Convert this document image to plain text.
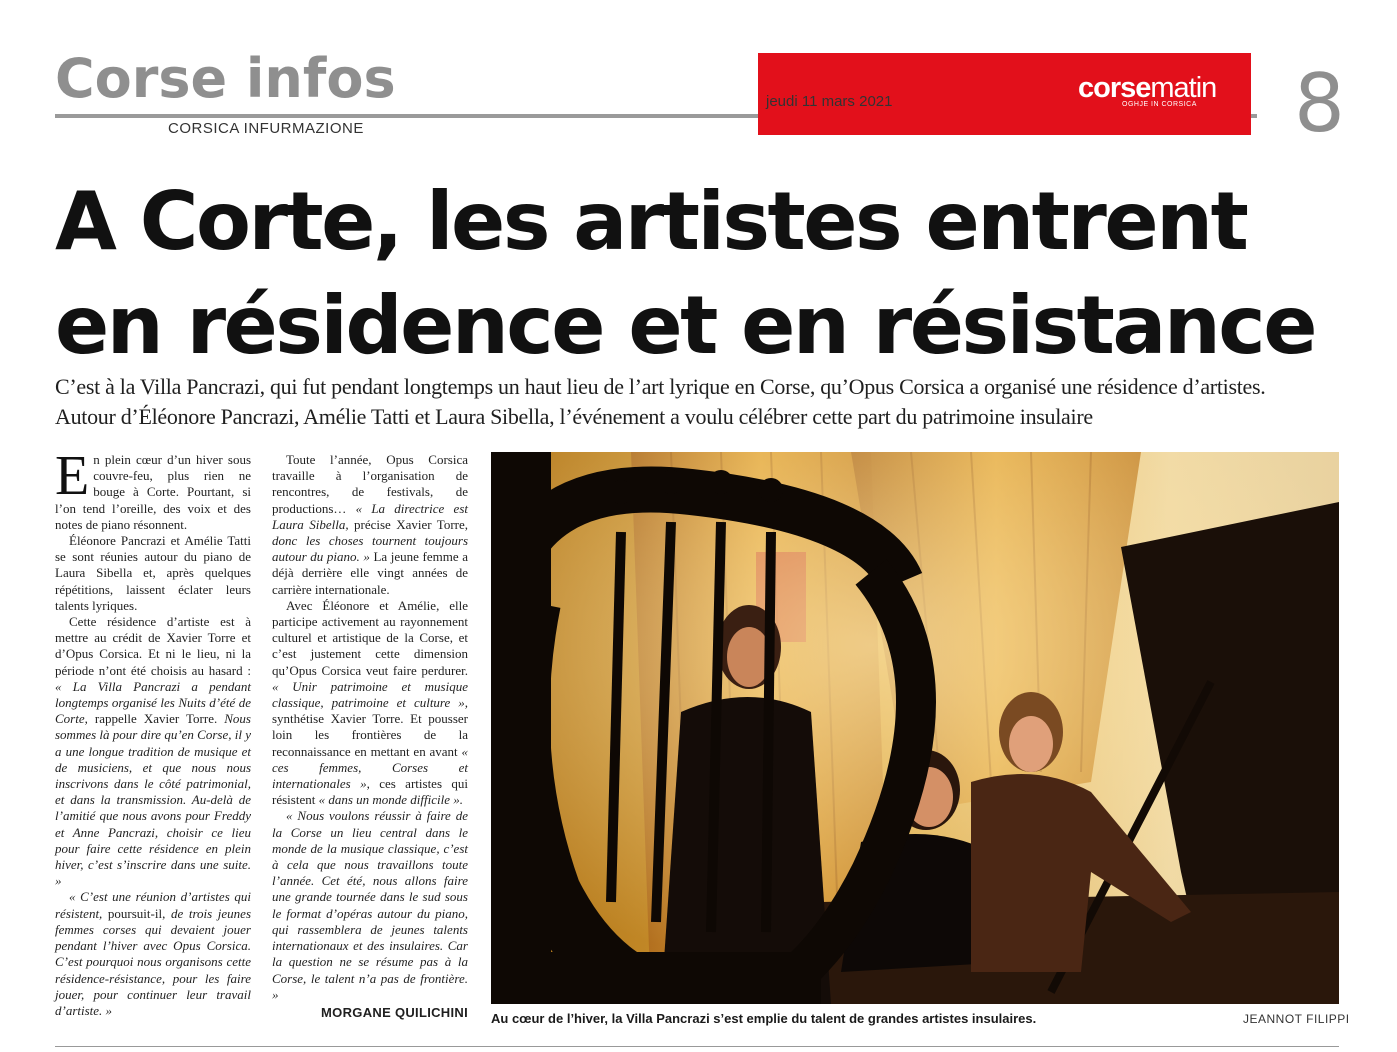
Corse infos
CORSICA INFURMAZIONE
jeudi 11 mars 2021	corsematin
OGHJE IN CORSICA 8
A Corte, les artistes entrent
en résidence et en résistance
C’est à la Villa Pancrazi, qui fut pendant longtemps un haut lieu de l’art lyrique en Corse, qu’Opus Corsica a organisé une résidence d’artistes.
Autour d’Éléonore Pancrazi, Amélie Tatti et Laura Sibella, l’événement a voulu célébrer cette part du patrimoine insulaire

En plein cœur d’un hiver sous couvre-feu, plus rien ne bouge à Corte. Pourtant, si l’on tend l’oreille, des voix et des notes de piano résonnent.

Éléonore Pancrazi et Amélie Tatti se sont réunies autour du piano de Laura Sibella et, après quelques répétitions, laissent éclater leurs talents lyriques.

Cette résidence d’artiste est à mettre au crédit de Xavier Torre et d’Opus Corsica. Et ni le lieu, ni la période n’ont été choisis au hasard : « La Villa Pancrazi a pendant longtemps organisé les Nuits d’été de Corte, rappelle Xavier Torre. Nous sommes là pour dire qu’en Corse, il y a une longue tradition de musique et de musiciens, et que nous nous inscrivons dans le côté patrimonial, et dans la transmission. Au-delà de l’amitié que nous avons pour Freddy et Anne Pancrazi, choisir ce lieu pour faire cette résidence en plein hiver, c’est s’inscrire dans une suite. »

« C’est une réunion d’artistes qui résistent, poursuit-il, de trois jeunes femmes corses qui devaient jouer pendant l’hiver avec Opus Corsica. C’est pourquoi nous organisons cette résidence-résistance, pour les faire jouer, pour continuer leur travail d’artiste. »

Toute l’année, Opus Corsica travaille à l’organisation de rencontres, de festivals, de productions… « La directrice est Laura Sibella, précise Xavier Torre, donc les choses tournent toujours autour du piano. » La jeune femme a déjà derrière elle vingt années de carrière internationale.

Avec Éléonore et Amélie, elle participe activement au rayonnement culturel et artistique de la Corse, et c’est justement cette dimension qu’Opus Corsica veut faire perdurer. « Unir patrimoine et musique classique, patrimoine et culture », synthétise Xavier Torre. Et pousser loin les frontières de la reconnaissance en mettant en avant « ces femmes, Corses et internationales », ces artistes qui résistent « dans un monde difficile ».

« Nous voulons réussir à faire de la Corse un lieu central dans le monde de la musique classique, c’est à cela que nous travaillons toute l’année. Cet été, nous allons faire une grande tournée dans le sud sous le format d’opéras autour du piano, qui rassemblera de jeunes talents internationaux et des insulaires. Car la question ne se résume pas à la Corse, le talent n’a pas de frontière. »

MORGANE QUILICHINI Au cœur de l’hiver, la Villa Pancrazi s’est emplie du talent de grandes artistes insulaires.	JEANNOT FILIPPI
